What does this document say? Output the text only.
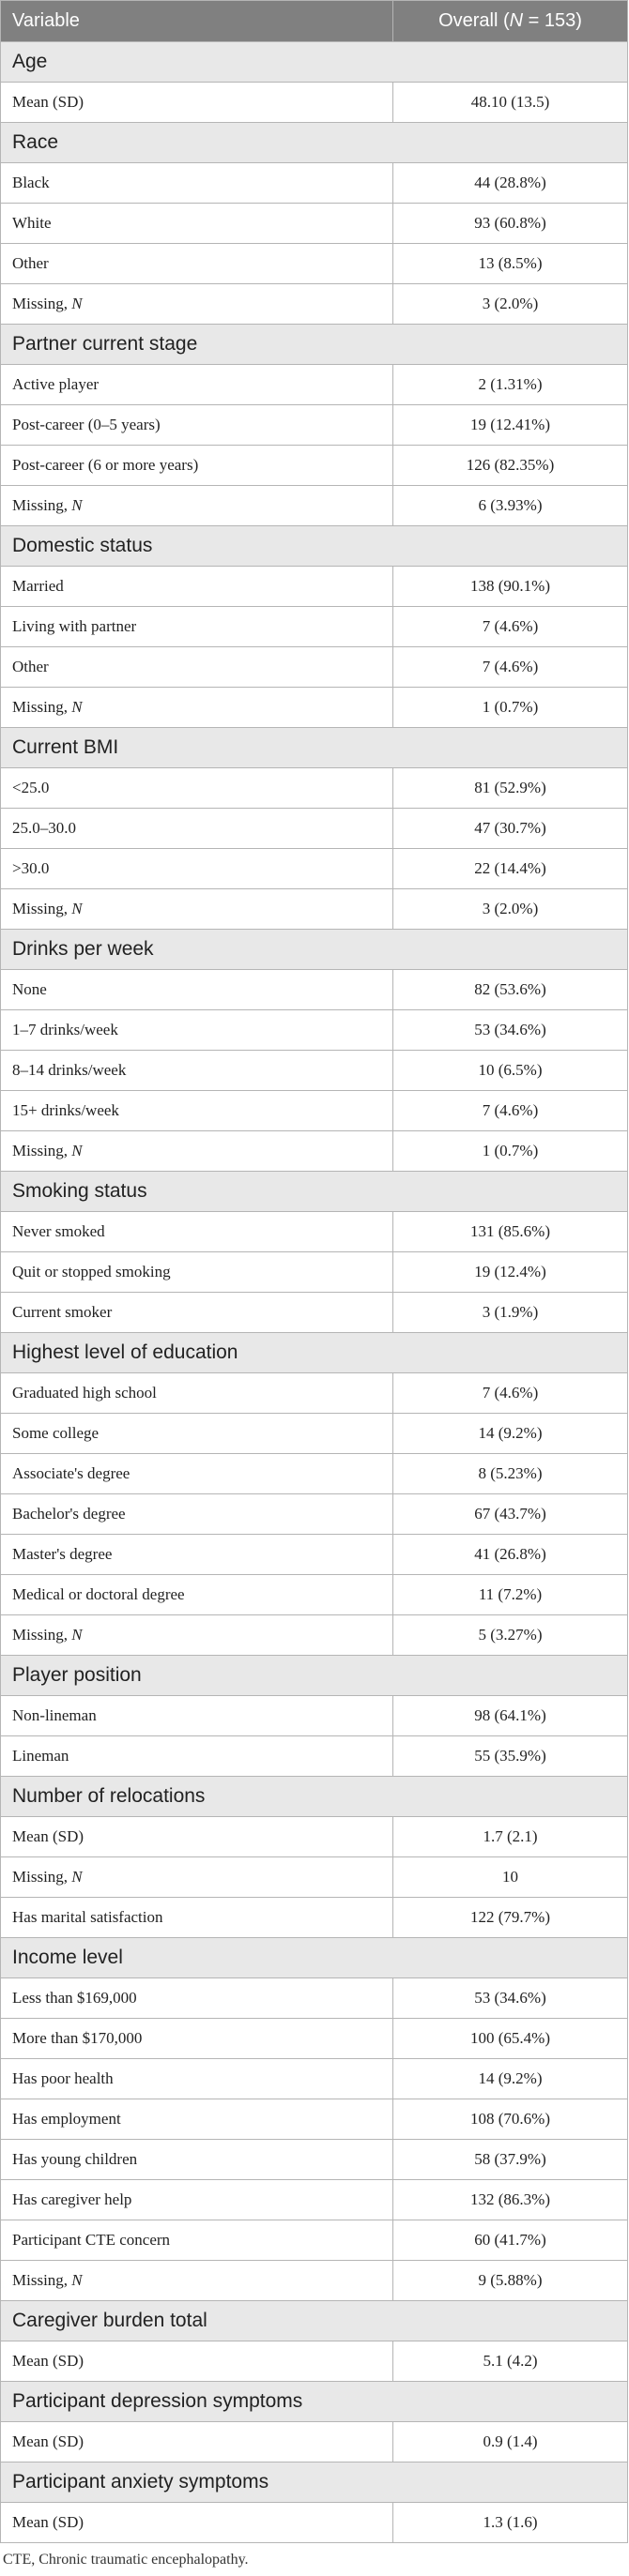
Variable	Overall (N = 153)
Age	
Mean (SD)	48.10 (13.5)
Race	
Black	44 (28.8%)
White	93 (60.8%)
Other	13 (8.5%)
Missing, N	3 (2.0%)
Partner current stage	
Active player	2 (1.31%)
Post-career (0–5 years)	19 (12.41%)
Post-career (6 or more years)	126 (82.35%)
Missing, N	6 (3.93%)
Domestic status	
Married	138 (90.1%)
Living with partner	7 (4.6%)
Other	7 (4.6%)
Missing, N	1 (0.7%)
Current BMI	
<25.0	81 (52.9%)
25.0–30.0	47 (30.7%)
>30.0	22 (14.4%)
Missing, N	3 (2.0%)
Drinks per week	
None	82 (53.6%)
1–7 drinks/week	53 (34.6%)
8–14 drinks/week	10 (6.5%)
15+ drinks/week	7 (4.6%)
Missing, N	1 (0.7%)
Smoking status	
Never smoked	131 (85.6%)
Quit or stopped smoking	19 (12.4%)
Current smoker	3 (1.9%)
Highest level of education	
Graduated high school	7 (4.6%)
Some college	14 (9.2%)
Associate's degree	8 (5.23%)
Bachelor's degree	67 (43.7%)
Master's degree	41 (26.8%)
Medical or doctoral degree	11 (7.2%)
Missing, N	5 (3.27%)
Player position	
Non-lineman	98 (64.1%)
Lineman	55 (35.9%)
Number of relocations	
Mean (SD)	1.7 (2.1)
Missing, N	10
Has marital satisfaction	122 (79.7%)
Income level	
Less than $169,000	53 (34.6%)
More than $170,000	100 (65.4%)
Has poor health	14 (9.2%)
Has employment	108 (70.6%)
Has young children	58 (37.9%)
Has caregiver help	132 (86.3%)
Participant CTE concern	60 (41.7%)
Missing, N	9 (5.88%)
Caregiver burden total	
Mean (SD)	5.1 (4.2)
Participant depression symptoms	
Mean (SD)	0.9 (1.4)
Participant anxiety symptoms	
Mean (SD)	1.3 (1.6)
CTE, Chronic traumatic encephalopathy.
